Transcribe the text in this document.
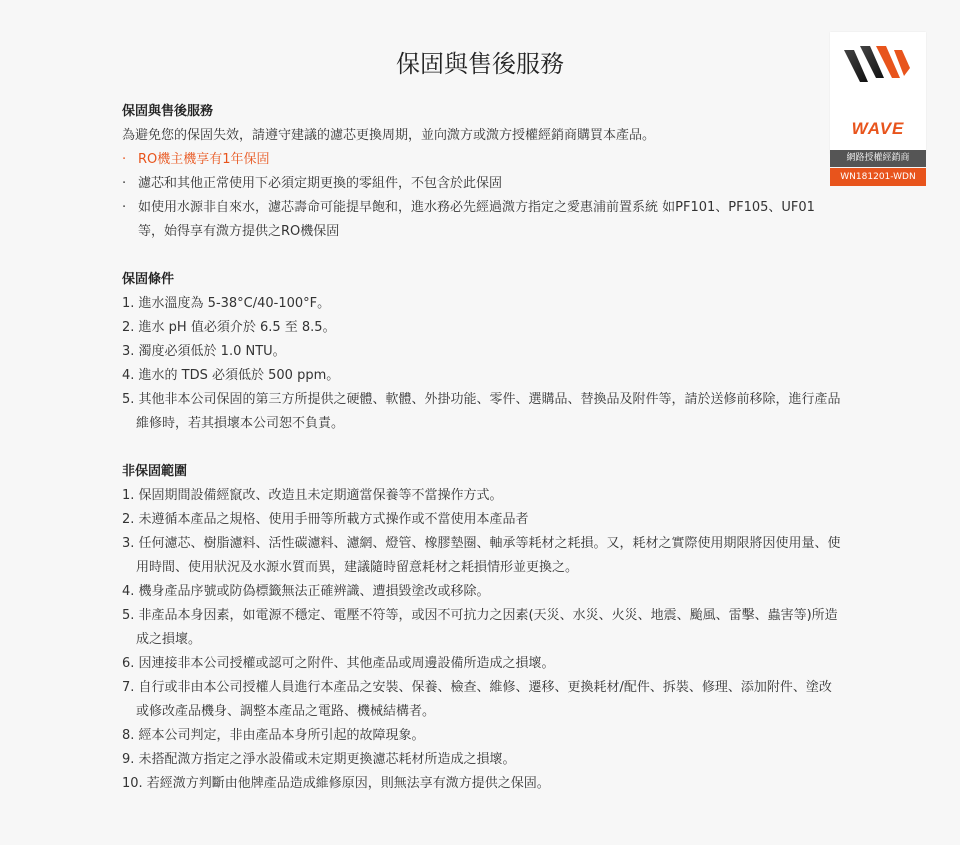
保固與售後服務
WAVE
網路授權經銷商
WN181201-WDN
保固與售後服務
為避免您的保固失效，請遵守建議的濾芯更換周期，並向溦方或溦方授權經銷商購買本產品。
· RO機主機享有1年保固
· 濾芯和其他正常使用下必須定期更換的零組件，不包含於此保固
· 如使用水源非自來水，濾芯壽命可能提早飽和，進水務必先經過溦方指定之愛惠浦前置系統 如PF101、PF105、UF01等，始得享有溦方提供之RO機保固
保固條件
1. 進水溫度為 5-38°C/40-100°F。
2. 進水 pH 值必須介於 6.5 至 8.5。
3. 濁度必須低於 1.0 NTU。
4. 進水的 TDS 必須低於 500 ppm。
5. 其他非本公司保固的第三方所提供之硬體、軟體、外掛功能、零件、選購品、替換品及附件等，請於送修前移除，進行產品維修時，若其損壞本公司恕不負責。
非保固範圍
1. 保固期間設備經竄改、改造且未定期適當保養等不當操作方式。
2. 未遵循本產品之規格、使用手冊等所載方式操作或不當使用本產品者
3. 任何濾芯、樹脂濾料、活性碳濾料、濾網、燈管、橡膠墊圈、軸承等耗材之耗損。又，耗材之實際使用期限將因使用量、使用時間、使用狀況及水源水質而異，建議隨時留意耗材之耗損情形並更換之。
4. 機身產品序號或防偽標籤無法正確辨識、遭損毀塗改或移除。
5. 非產品本身因素，如電源不穩定、電壓不符等，或因不可抗力之因素(天災、水災、火災、地震、颱風、雷擊、蟲害等)所造成之損壞。
6. 因連接非本公司授權或認可之附件、其他產品或周邊設備所造成之損壞。
7. 自行或非由本公司授權人員進行本產品之安裝、保養、檢查、維修、遷移、更換耗材/配件、拆裝、修理、添加附件、塗改或修改產品機身、調整本產品之電路、機械結構者。
8. 經本公司判定，非由產品本身所引起的故障現象。
9. 未搭配溦方指定之淨水設備或未定期更換濾芯耗材所造成之損壞。
10. 若經溦方判斷由他牌產品造成維修原因，則無法享有溦方提供之保固。
